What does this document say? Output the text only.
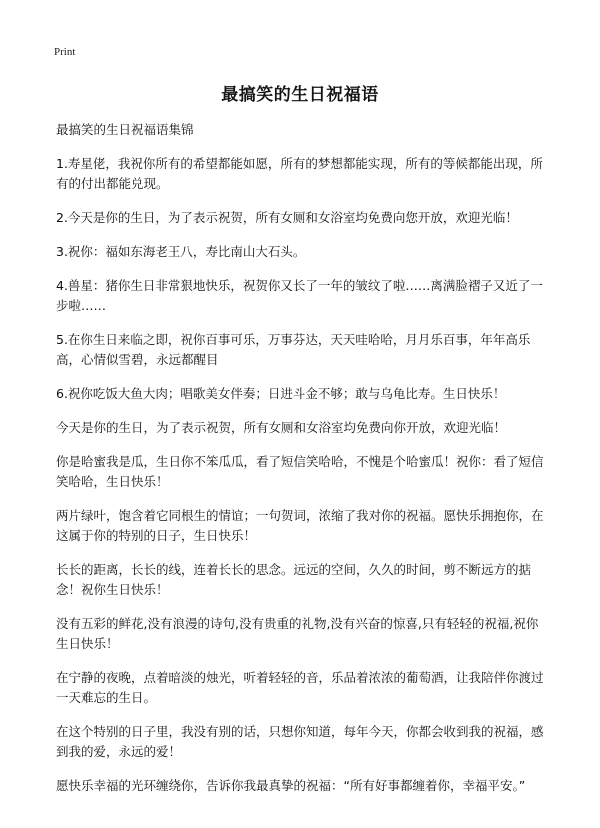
Print
最搞笑的生日祝福语
最搞笑的生日祝福语集锦
1.寿星佬，我祝你所有的希望都能如愿，所有的梦想都能实现，所有的等候都能出现，所有的付出都能兑现。
2.今天是你的生日，为了表示祝贺，所有女厕和女浴室均免费向您开放，欢迎光临！
3.祝你：福如东海老王八，寿比南山大石头。
4.兽星：猪你生日非常狠地快乐，祝贺你又长了一年的皱纹了啦……离满脸褶子又近了一步啦……
5.在你生日来临之即，祝你百事可乐，万事芬达，天天哇哈哈，月月乐百事，年年高乐高，心情似雪碧，永远都醒目
6.祝你吃饭大鱼大肉；唱歌美女伴奏；日进斗金不够；敢与乌龟比寿。生日快乐！
今天是你的生日，为了表示祝贺，所有女厕和女浴室均免费向你开放，欢迎光临！
你是哈蜜我是瓜，生日你不笨瓜瓜，看了短信笑哈哈，不愧是个哈蜜瓜！祝你：看了短信笑哈哈，生日快乐！
两片绿叶，饱含着它同根生的情谊；一句贺词，浓缩了我对你的祝福。愿快乐拥抱你，在这属于你的特别的日子，生日快乐！
长长的距离，长长的线，连着长长的思念。远远的空间，久久的时间，剪不断远方的掂念！祝你生日快乐！
没有五彩的鲜花,没有浪漫的诗句,没有贵重的礼物,没有兴奋的惊喜,只有轻轻的祝福,祝你生日快乐！
在宁静的夜晚，点着暗淡的烛光，听着轻轻的音，乐品着浓浓的葡萄酒，让我陪伴你渡过一天难忘的生日。
在这个特别的日子里，我没有别的话，只想你知道，每年今天，你都会收到我的祝福，感到我的爱，永远的爱！
愿快乐幸福的光环缠绕你，告诉你我最真挚的祝福：“所有好事都缠着你，幸福平安。”
